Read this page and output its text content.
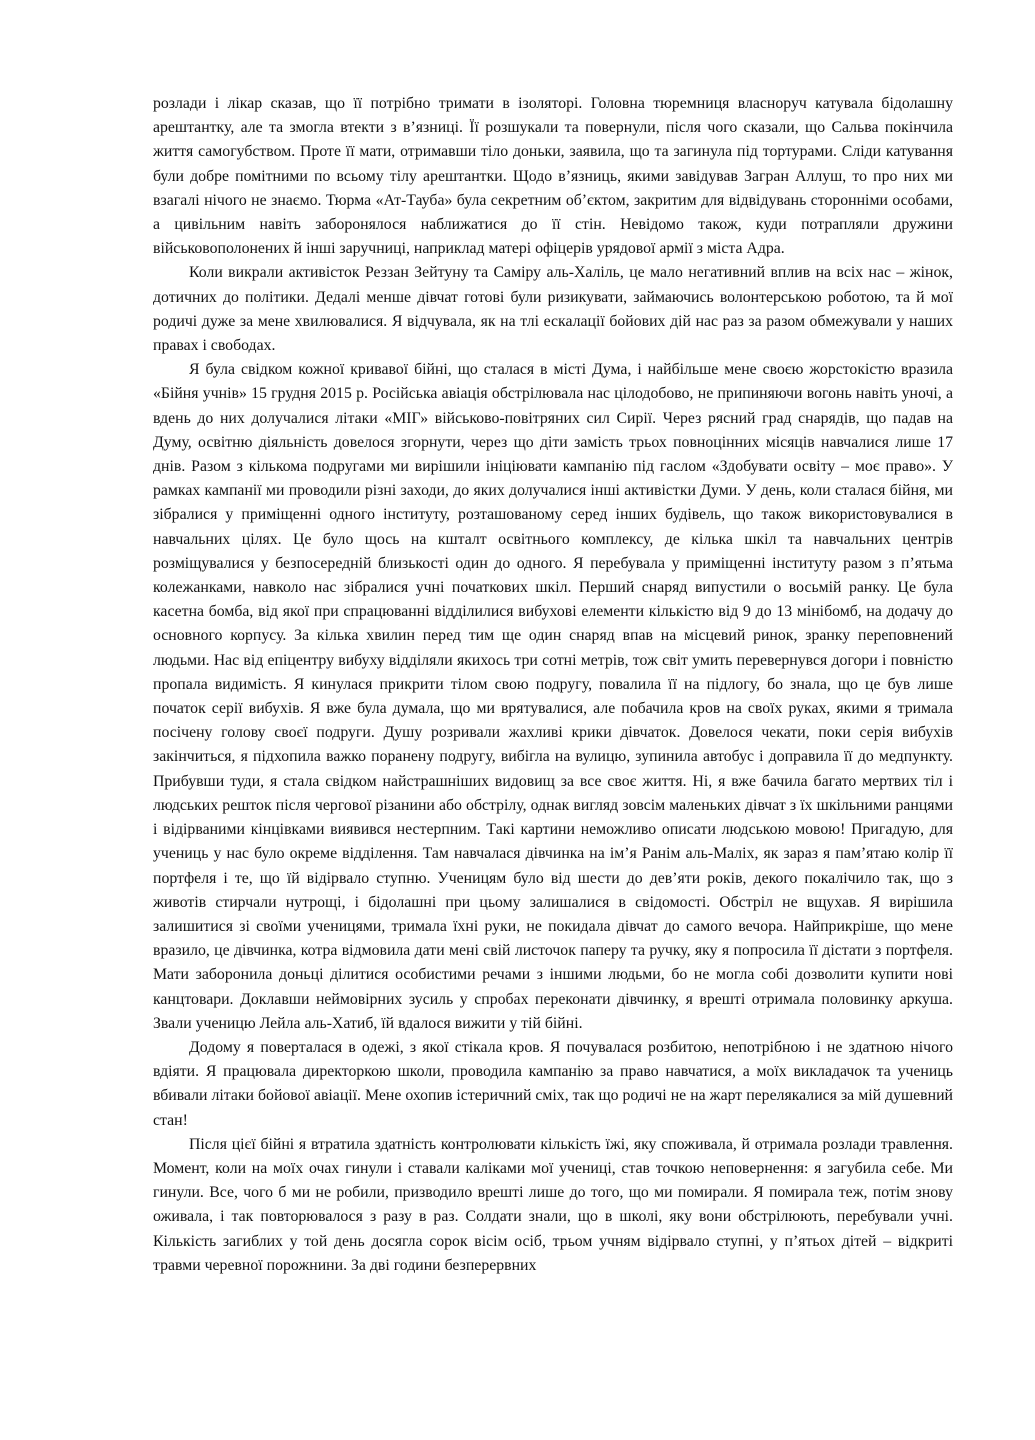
розлади і лікар сказав, що її потрібно тримати в ізоляторі. Головна тюремниця власноруч катувала бідолашну арештантку, але та змогла втекти з в’язниці. Її розшукали та повернули, після чого сказали, що Сальва покінчила життя самогубством. Проте її мати, отримавши тіло доньки, заявила, що та загинула під тортурами. Сліди катування були добре помітними по всьому тілу арештантки. Щодо в’язниць, якими завідував Загран Аллуш, то про них ми взагалі нічого не знаємо. Тюрма «Ат-Тауба» була секретним об’єктом, закритим для відвідувань сторонніми особами, а цивільним навіть заборонялося наближатися до її стін. Невідомо також, куди потрапляли дружини військовополонених й інші заручниці, наприклад матері офіцерів урядової армії з міста Адра.

Коли викрали активісток Реззан Зейтуну та Саміру аль-Халіль, це мало негативний вплив на всіх нас – жінок, дотичних до політики. Дедалі менше дівчат готові були ризикувати, займаючись волонтерською роботою, та й мої родичі дуже за мене хвилювалися. Я відчувала, як на тлі ескалації бойових дій нас раз за разом обмежували у наших правах і свободах.

Я була свідком кожної кривавої бійні, що сталася в місті Дума, і найбільше мене своєю жорстокістю вразила «Бійня учнів» 15 грудня 2015 р. Російська авіація обстрілювала нас цілодобово, не припиняючи вогонь навіть уночі, а вдень до них долучалися літаки «МІГ» військово-повітряних сил Сирії. Через рясний град снарядів, що падав на Думу, освітню діяльність довелося згорнути, через що діти замість трьох повноцінних місяців навчалися лише 17 днів. Разом з кількома подругами ми вирішили ініціювати кампанію під гаслом «Здобувати освіту – моє право». У рамках кампанії ми проводили різні заходи, до яких долучалися інші активістки Думи. У день, коли сталася бійня, ми зібралися у приміщенні одного інституту, розташованому серед інших будівель, що також використовувалися в навчальних цілях. Це було щось на кшталт освітнього комплексу, де кілька шкіл та навчальних центрів розміщувалися у безпосередній близькості один до одного. Я перебувала у приміщенні інституту разом з п’ятьма колежанками, навколо нас зібралися учні початкових шкіл. Перший снаряд випустили о восьмій ранку. Це була касетна бомба, від якої при спрацюванні відділилися вибухові елементи кількістю від 9 до 13 мінібомб, на додачу до основного корпусу. За кілька хвилин перед тим ще один снаряд впав на місцевий ринок, зранку переповнений людьми. Нас від епіцентру вибуху відділяли якихось три сотні метрів, тож світ умить перевернувся догори і повністю пропала видимість. Я кинулася прикрити тілом свою подругу, повалила її на підлогу, бо знала, що це був лише початок серії вибухів. Я вже була думала, що ми врятувалися, але побачила кров на своїх руках, якими я тримала посічену голову своєї подруги. Душу розривали жахливі крики дівчаток. Довелося чекати, поки серія вибухів закінчиться, я підхопила важко поранену подругу, вибігла на вулицю, зупинила автобус і доправила її до медпункту. Прибувши туди, я стала свідком найстрашніших видовищ за все своє життя. Ні, я вже бачила багато мертвих тіл і людських решток після чергової різанини або обстрілу, однак вигляд зовсім маленьких дівчат з їх шкільними ранцями і відірваними кінцівками виявився нестерпним. Такі картини неможливо описати людською мовою! Пригадую, для учениць у нас було окреме відділення. Там навчалася дівчинка на ім’я Ранім аль-Маліх, як зараз я пам’ятаю колір її портфеля і те, що їй відірвало ступню. Ученицям було від шести до дев’яти років, декого покалічило так, що з животів стирчали нутрощі, і бідолашні при цьому залишалися в свідомості. Обстріл не вщухав. Я вирішила залишитися зі своїми ученицями, тримала їхні руки, не покидала дівчат до самого вечора. Найприкріше, що мене вразило, це дівчинка, котра відмовила дати мені свій листочок паперу та ручку, яку я попросила її дістати з портфеля. Мати заборонила доньці ділитися особистими речами з іншими людьми, бо не могла собі дозволити купити нові канцтовари. Доклавши неймовірних зусиль у спробах переконати дівчинку, я врешті отримала половинку аркуша. Звали ученицю Лейла аль-Хатиб, їй вдалося вижити у тій бійні.

Додому я поверталася в одежі, з якої стікала кров. Я почувалася розбитою, непотрібною і не здатною нічого вдіяти. Я працювала директоркою школи, проводила кампанію за право навчатися, а моїх викладачок та учениць вбивали літаки бойової авіації. Мене охопив істеричний сміх, так що родичі не на жарт перелякалися за мій душевний стан!

Після цієї бійні я втратила здатність контролювати кількість їжі, яку споживала, й отримала розлади травлення. Момент, коли на моїх очах гинули і ставали каліками мої учениці, став точкою неповернення: я загубила себе. Ми гинули. Все, чого б ми не робили, призводило врешті лише до того, що ми помирали. Я помирала теж, потім знову оживала, і так повторювалося з разу в раз. Солдати знали, що в школі, яку вони обстрілюють, перебували учні. Кількість загиблих у той день досягла сорок вісім осіб, трьом учням відірвало ступні, у п’ятьох дітей – відкриті травми черевної порожнини. За дві години безперервних
